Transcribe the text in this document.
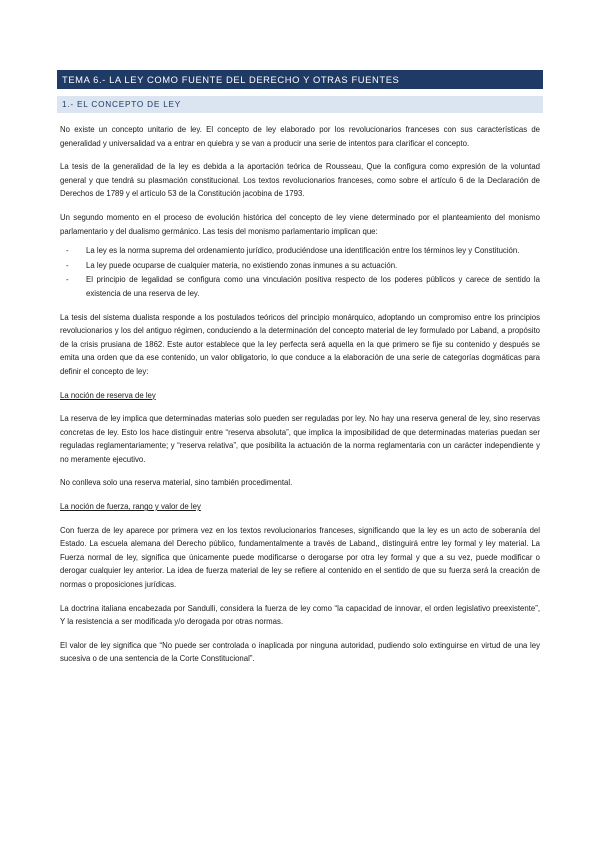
TEMA 6.- LA LEY COMO FUENTE DEL DERECHO Y OTRAS FUENTES
1.- EL CONCEPTO DE LEY

No existe un concepto unitario de ley. El concepto de ley elaborado por los revolucionarios franceses con sus características de generalidad y universalidad va a entrar en quiebra y se van a producir una serie de intentos para clarificar el concepto.

La tesis de la generalidad de la ley es debida a la aportación teórica de Rousseau, Que la configura como expresión de la voluntad general y que tendrá su plasmación constitucional. Los textos revolucionarios franceses, como sobre el artículo 6 de la Declaración de Derechos de 1789 y el artículo 53 de la Constitución jacobina de 1793.

Un segundo momento en el proceso de evolución histórica del concepto de ley viene determinado por el planteamiento del monismo parlamentario y del dualismo germánico. Las tesis del monismo parlamentario implican que:

- La ley es la norma suprema del ordenamiento jurídico, produciéndose una identificación entre los términos ley y Constitución.
- La ley puede ocuparse de cualquier materia, no existiendo zonas inmunes a su actuación.
- El principio de legalidad se configura como una vinculación positiva respecto de los poderes públicos y carece de sentido la existencia de una reserva de ley.

La tesis del sistema dualista responde a los postulados teóricos del principio monárquico, adoptando un compromiso entre los principios revolucionarios y los del antiguo régimen, conduciendo a la determinación del concepto material de ley formulado por Laband, a propósito de la crisis prusiana de 1862. Este autor establece que la ley perfecta será aquella en la que primero se fije su contenido y después se emita una orden que da ese contenido, un valor obligatorio, lo que conduce a la elaboración de una serie de categorías dogmáticas para definir el concepto de ley:

La noción de reserva de ley

La reserva de ley implica que determinadas materias solo pueden ser reguladas por ley. No hay una reserva general de ley, sino reservas concretas de ley. Esto los hace distinguir entre “reserva absoluta”, que implica la imposibilidad de que determinadas materias puedan ser reguladas reglamentariamente; y “reserva relativa”, que posibilita la actuación de la norma reglamentaria con un carácter independiente y no meramente ejecutivo.

No conlleva solo una reserva material, sino también procedimental.

La noción de fuerza, rango y valor de ley

Con fuerza de ley aparece por primera vez en los textos revolucionarios franceses, significando que la ley es un acto de soberanía del Estado. La escuela alemana del Derecho público, fundamentalmente a través de Laband,, distinguirá entre ley formal y ley material. La Fuerza normal de ley, significa que únicamente puede modificarse o derogarse por otra ley formal y que a su vez, puede modificar o derogar cualquier ley anterior. La idea de fuerza material de ley se refiere al contenido en el sentido de que su fuerza será la creación de normas o proposiciones jurídicas.

La doctrina italiana encabezada por Sandulli, considera la fuerza de ley como “la capacidad de innovar, el orden legislativo preexistente”, Y la resistencia a ser modificada y/o derogada por otras normas.

El valor de ley significa que “No puede ser controlada o inaplicada por ninguna autoridad, pudiendo solo extinguirse en virtud de una ley sucesiva o de una sentencia de la Corte Constitucional”.
